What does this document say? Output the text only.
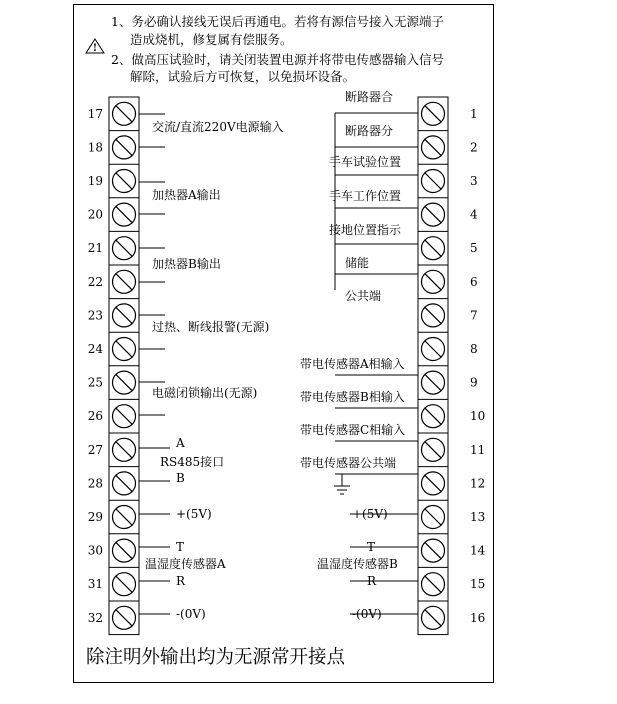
!
1、务必确认接线无误后再通电。若将有源信号接入无源端子
造成烧机，修复属有偿服务。
2、做高压试验时，请关闭装置电源并将带电传感器输入信号
解除，试验后方可恢复，以免损坏设备。
17
18
19
20
21
22
23
24
25
26
27
28
29
30
31
32
1
2
3
4
5
6
7
8
9
10
11
12
13
14
15
16
交流/直流220V电源输入
加热器A输出
加热器B输出
过热、断线报警(无源)
电磁闭锁输出(无源)
A
RS485接口
B
+(5V)
T
温湿度传感器A
R
-(0V)
断路器合
断路器分
手车试验位置
手车工作位置
接地位置指示
储能
公共端
带电传感器A相输入
带电传感器B相输入
带电传感器C相输入
带电传感器公共端
+(5V)
T
温湿度传感器B
R
-(0V)
除注明外输出均为无源常开接点
